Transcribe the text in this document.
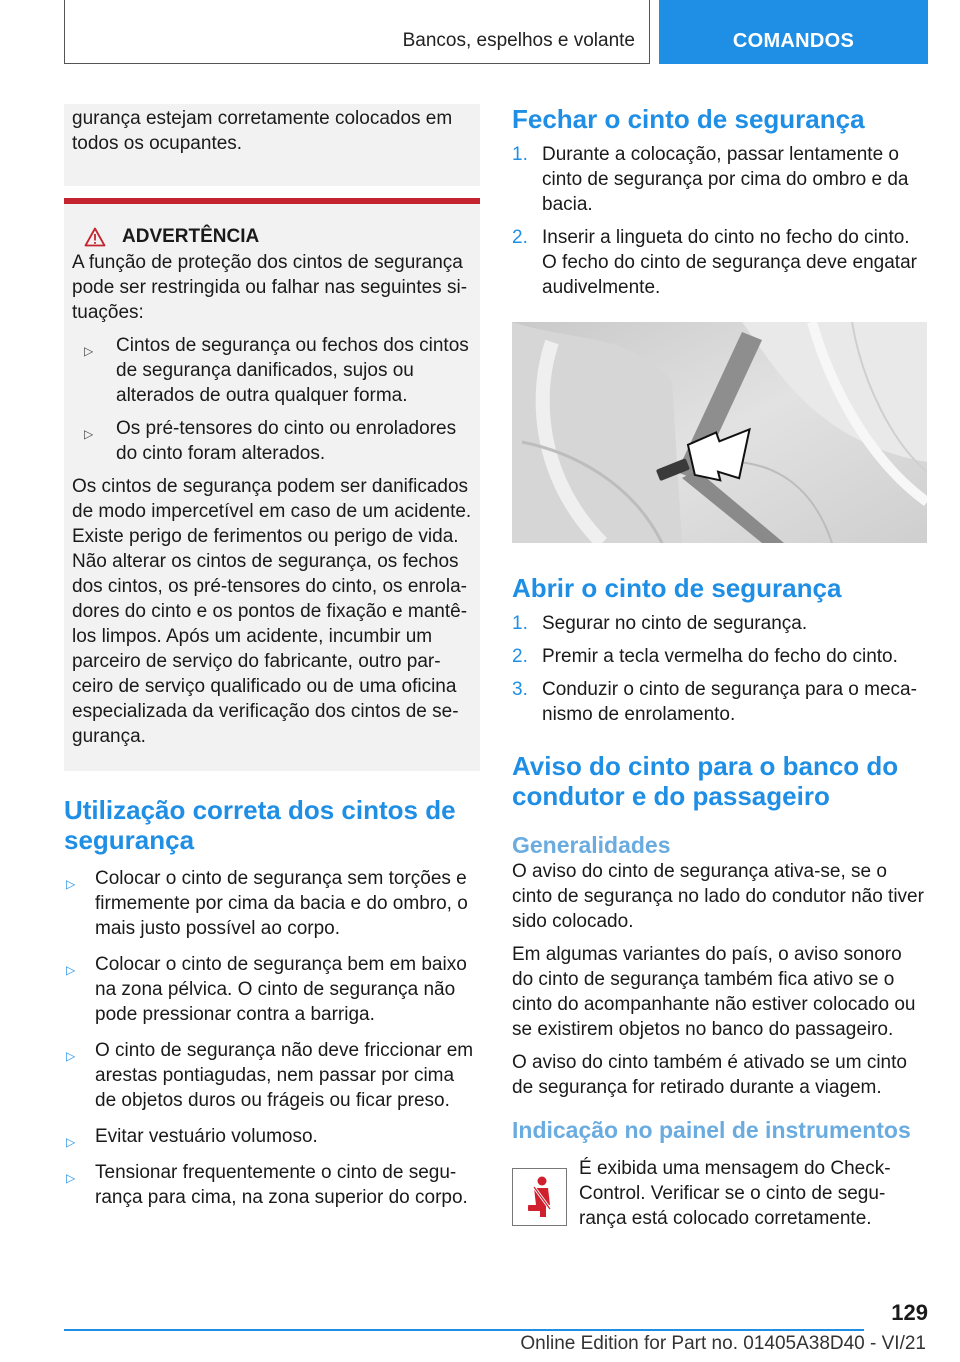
Bancos, espelhos e volante	COMANDOS

gurança estejam corretamente colocados em todos os ocupantes.

ADVERTÊNCIA

A função de proteção dos cintos de segurança pode ser restringida ou falhar nas seguintes situações:

▷ Cintos de segurança ou fechos dos cintos de segurança danificados, sujos ou alterados de outra qualquer forma.
▷ Os pré-tensores do cinto ou enroladores do cinto foram alterados.

Os cintos de segurança podem ser danificados de modo impercetível em caso de um acidente. Existe perigo de ferimentos ou perigo de vida. Não alterar os cintos de segurança, os fechos dos cintos, os pré-tensores do cinto, os enroladores do cinto e os pontos de fixação e mantê-los limpos. Após um acidente, incumbir um parceiro de serviço do fabricante, outro parceiro de serviço qualificado ou de uma oficina especializada da verificação dos cintos de segurança.

Utilização correta dos cintos de segurança
▷ Colocar o cinto de segurança sem torções e firmemente por cima da bacia e do ombro, o mais justo possível ao corpo.
▷ Colocar o cinto de segurança bem em baixo na zona pélvica. O cinto de segurança não pode pressionar contra a barriga.
▷ O cinto de segurança não deve friccionar em arestas pontiagudas, nem passar por cima de objetos duros ou frágeis ou ficar preso.
▷ Evitar vestuário volumoso.
▷ Tensionar frequentemente o cinto de segurança para cima, na zona superior do corpo.
Fechar o cinto de segurança
1. Durante a colocação, passar lentamente o cinto de segurança por cima do ombro e da bacia.
2. Inserir a lingueta do cinto no fecho do cinto. O fecho do cinto de segurança deve engatar audivelmente.
Abrir o cinto de segurança
1. Segurar no cinto de segurança.
2. Premir a tecla vermelha do fecho do cinto.
3. Conduzir o cinto de segurança para o mecanismo de enrolamento.
Aviso do cinto para o banco do condutor e do passageiro
Generalidades

O aviso do cinto de segurança ativa-se, se o cinto de segurança no lado do condutor não tiver sido colocado.

Em algumas variantes do país, o aviso sonoro do cinto de segurança também fica ativo se o cinto do acompanhante não estiver colocado ou se existirem objetos no banco do passageiro.

O aviso do cinto também é ativado se um cinto de segurança for retirado durante a viagem.

Indicação no painel de instrumentos

É exibida uma mensagem do Check-Control. Verificar se o cinto de segurança está colocado corretamente.

129
Online Edition for Part no. 01405A38D40 - VI/21
